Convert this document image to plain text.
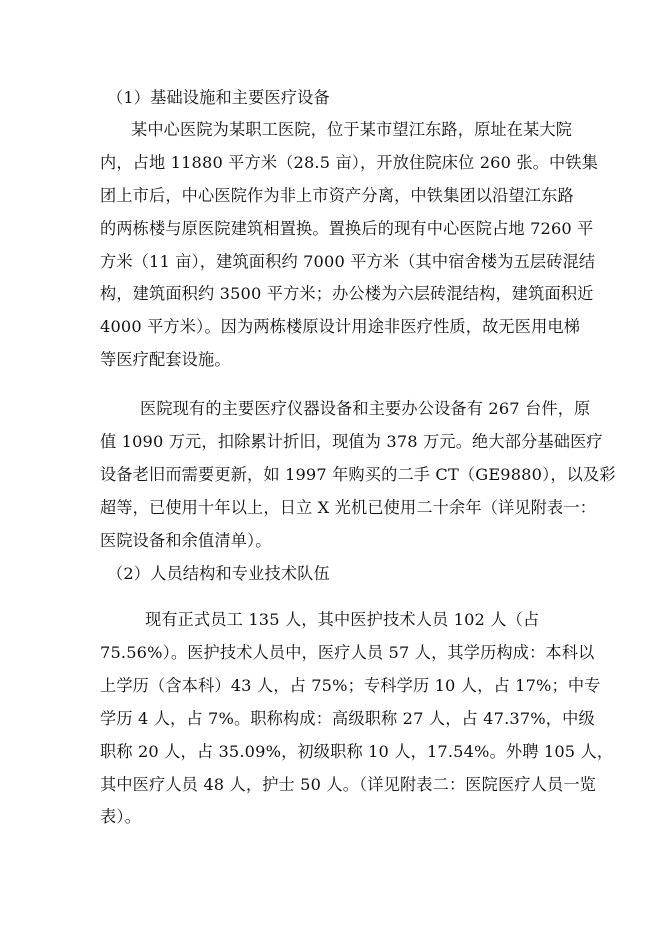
（1）基础设施和主要医疗设备
某中心医院为某职工医院，位于某市望江东路，原址在某大院
内，占地 11880 平方米（28.5 亩），开放住院床位 260 张。中铁集
团上市后，中心医院作为非上市资产分离，中铁集团以沿望江东路
的两栋楼与原医院建筑相置换。置换后的现有中心医院占地 7260 平
方米（11 亩），建筑面积约 7000 平方米（其中宿舍楼为五层砖混结
构，建筑面积约 3500 平方米；办公楼为六层砖混结构，建筑面积近
4000 平方米）。因为两栋楼原设计用途非医疗性质，故无医用电梯
等医疗配套设施。
医院现有的主要医疗仪器设备和主要办公设备有 267 台件，原
值 1090 万元，扣除累计折旧，现值为 378 万元。绝大部分基础医疗
设备老旧而需要更新，如 1997 年购买的二手 CT（GE9880），以及彩
超等，已使用十年以上，日立 X 光机已使用二十余年（详见附表一：
医院设备和余值清单）。
（2）人员结构和专业技术队伍
现有正式员工 135 人，其中医护技术人员 102 人（占
75.56%）。医护技术人员中，医疗人员 57 人，其学历构成：本科以
上学历（含本科）43 人，占 75%；专科学历 10 人，占 17%；中专
学历 4 人，占 7%。职称构成：高级职称 27 人，占 47.37%，中级
职称 20 人，占 35.09%，初级职称 10 人，17.54%。外聘 105 人，
其中医疗人员 48 人，护士 50 人。（详见附表二：医院医疗人员一览
表）。
